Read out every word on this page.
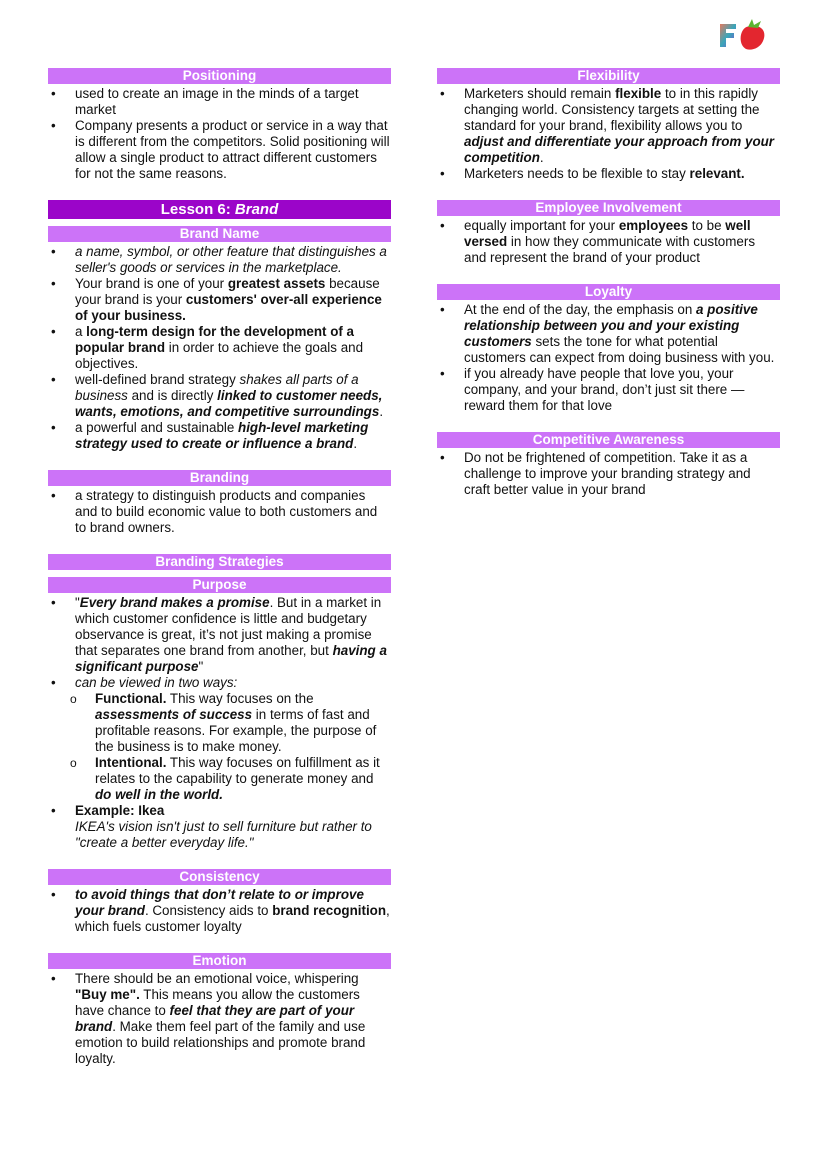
Positioning
• used to create an image in the minds of a target market
• Company presents a product or service in a way that is different from the competitors. Solid positioning will allow a single product to attract different customers for not the same reasons.
Lesson 6: Brand
Brand Name
• a name, symbol, or other feature that distinguishes a seller's goods or services in the marketplace.
• Your brand is one of your greatest assets because your brand is your customers' over-all experience of your business.
• a long-term design for the development of a popular brand in order to achieve the goals and objectives.
• well-defined brand strategy shakes all parts of a business and is directly linked to customer needs, wants, emotions, and competitive surroundings.
• a powerful and sustainable high-level marketing strategy used to create or influence a brand.
Branding
• a strategy to distinguish products and companies and to build economic value to both customers and to brand owners.
Branding Strategies
Purpose
• "Every brand makes a promise. But in a market in which customer confidence is little and budgetary observance is great, it’s not just making a promise that separates one brand from another, but having a significant purpose"
• can be viewed in two ways:
o Functional. This way focuses on the assessments of success in terms of fast and profitable reasons. For example, the purpose of the business is to make money.
o Intentional. This way focuses on fulfillment as it relates to the capability to generate money and do well in the world.
• Example: Ikea
IKEA's vision isn't just to sell furniture but rather to "create a better everyday life."
Consistency
• to avoid things that don’t relate to or improve your brand. Consistency aids to brand recognition, which fuels customer loyalty
Emotion
• There should be an emotional voice, whispering "Buy me". This means you allow the customers have chance to feel that they are part of your brand. Make them feel part of the family and use emotion to build relationships and promote brand loyalty.
Flexibility
• Marketers should remain flexible to in this rapidly changing world. Consistency targets at setting the standard for your brand, flexibility allows you to adjust and differentiate your approach from your competition.
• Marketers needs to be flexible to stay relevant.
Employee Involvement
• equally important for your employees to be well versed in how they communicate with customers and represent the brand of your product
Loyalty
• At the end of the day, the emphasis on a positive relationship between you and your existing customers sets the tone for what potential customers can expect from doing business with you.
• if you already have people that love you, your company, and your brand, don’t just sit there — reward them for that love
Competitive Awareness
• Do not be frightened of competition. Take it as a challenge to improve your branding strategy and craft better value in your brand
